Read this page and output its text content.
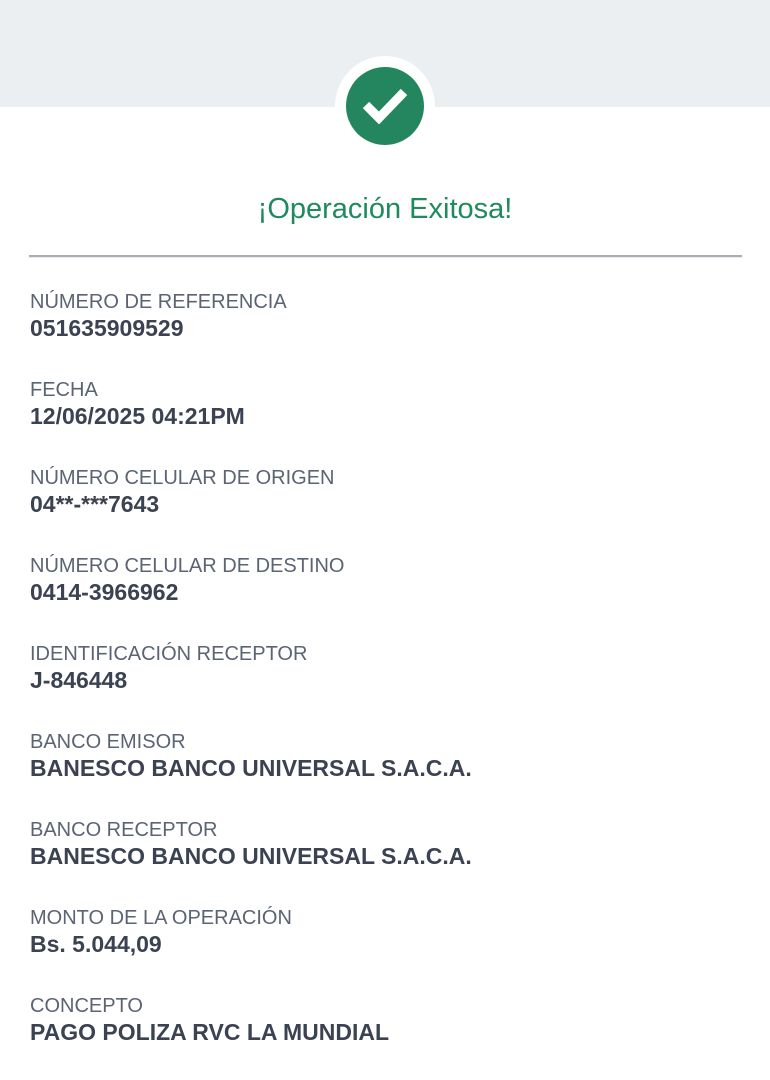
¡Operación Exitosa!
NÚMERO DE REFERENCIA
051635909529
FECHA
12/06/2025 04:21PM
NÚMERO CELULAR DE ORIGEN
04**-***7643
NÚMERO CELULAR DE DESTINO
0414-3966962
IDENTIFICACIÓN RECEPTOR
J-846448
BANCO EMISOR
BANESCO BANCO UNIVERSAL S.A.C.A.
BANCO RECEPTOR
BANESCO BANCO UNIVERSAL S.A.C.A.
MONTO DE LA OPERACIÓN
Bs. 5.044,09
CONCEPTO
PAGO POLIZA RVC LA MUNDIAL
